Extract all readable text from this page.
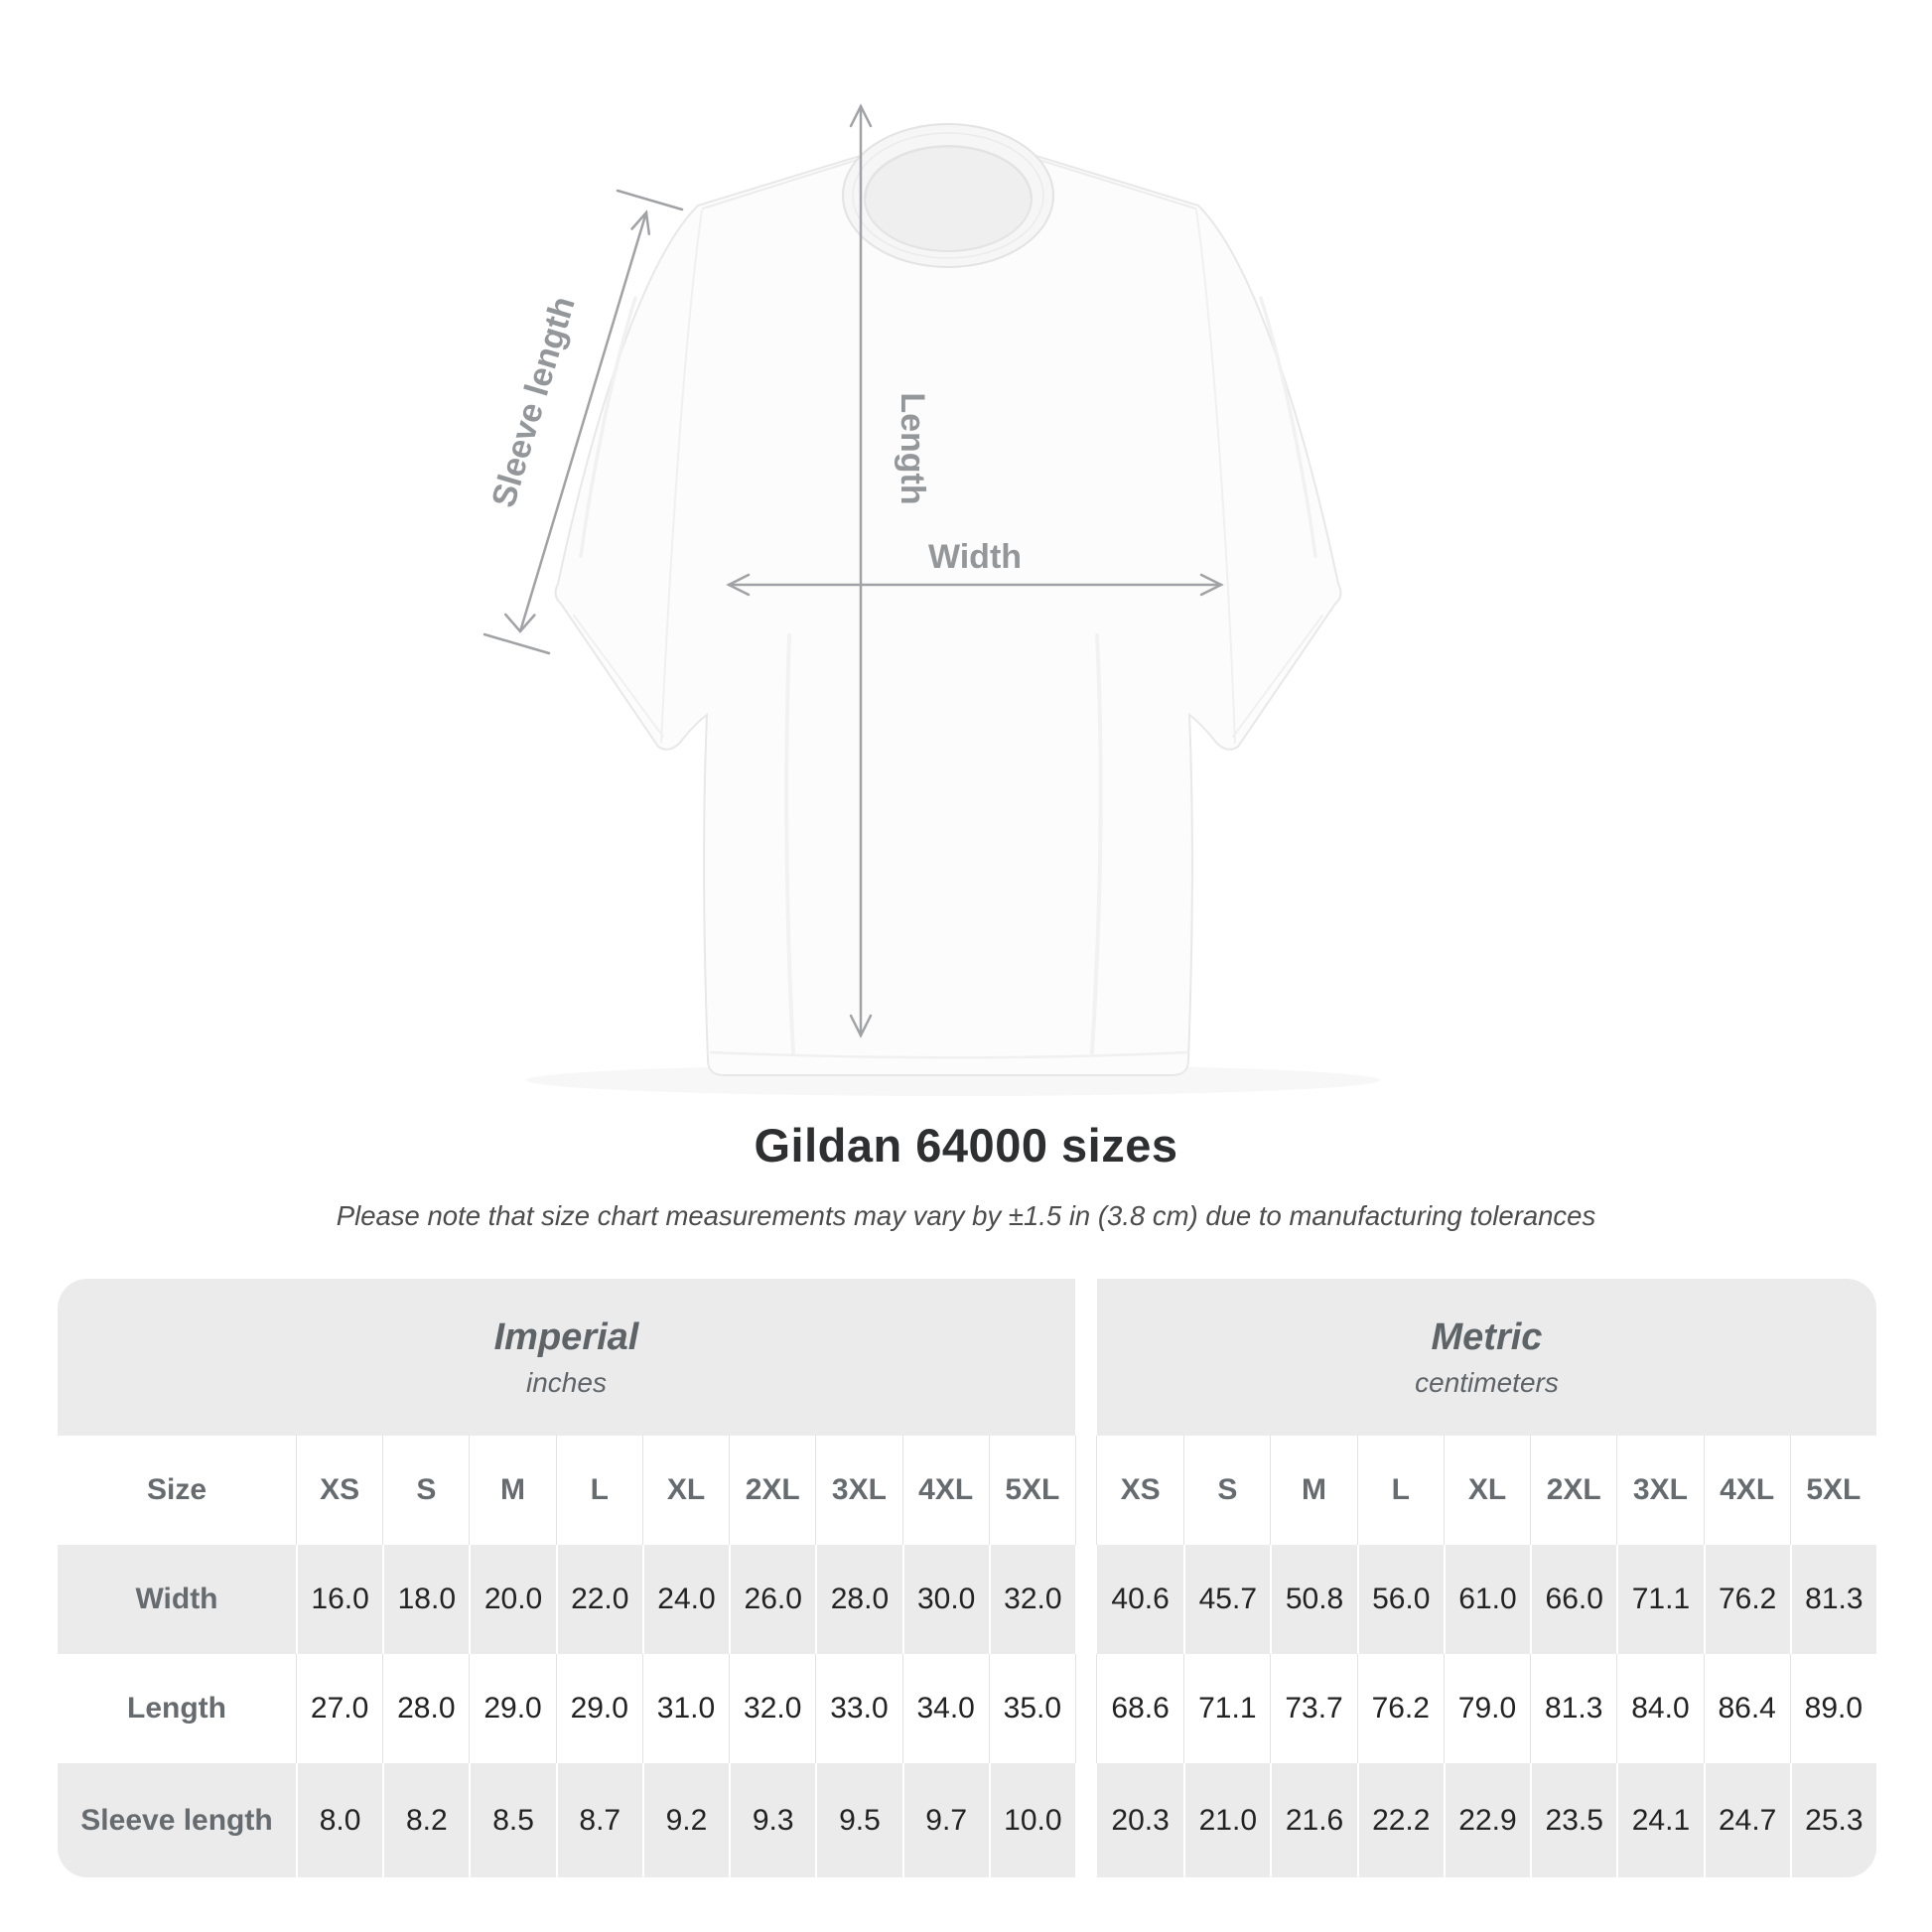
Sleeve length	Length
Width
Gildan 64000 sizes
Please note that size chart measurements may vary by ±1.5 in (3.8 cm) due to manufacturing tolerances
Imperial
inches
Metric
centimeters
Size	XS	S	M	L	XL	2XL	3XL	4XL	5XL	XS	S	M	L	XL	2XL	3XL	4XL	5XL
Width	16.0 18.0 20.0 22.0 24.0 26.0 28.0 30.0 32.0	40.6 45.7 50.8 56.0 61.0 66.0 71.1 76.2 81.3
Length	27.0 28.0 29.0 29.0 31.0 32.0 33.0 34.0 35.0	68.6 71.1 73.7 76.2 79.0 81.3 84.0 86.4 89.0
Sleeve length	8.0	8.2	8.5	8.7	9.2	9.3	9.5	9.7	10.0	20.3 21.0 21.6 22.2 22.9 23.5 24.1 24.7 25.3
